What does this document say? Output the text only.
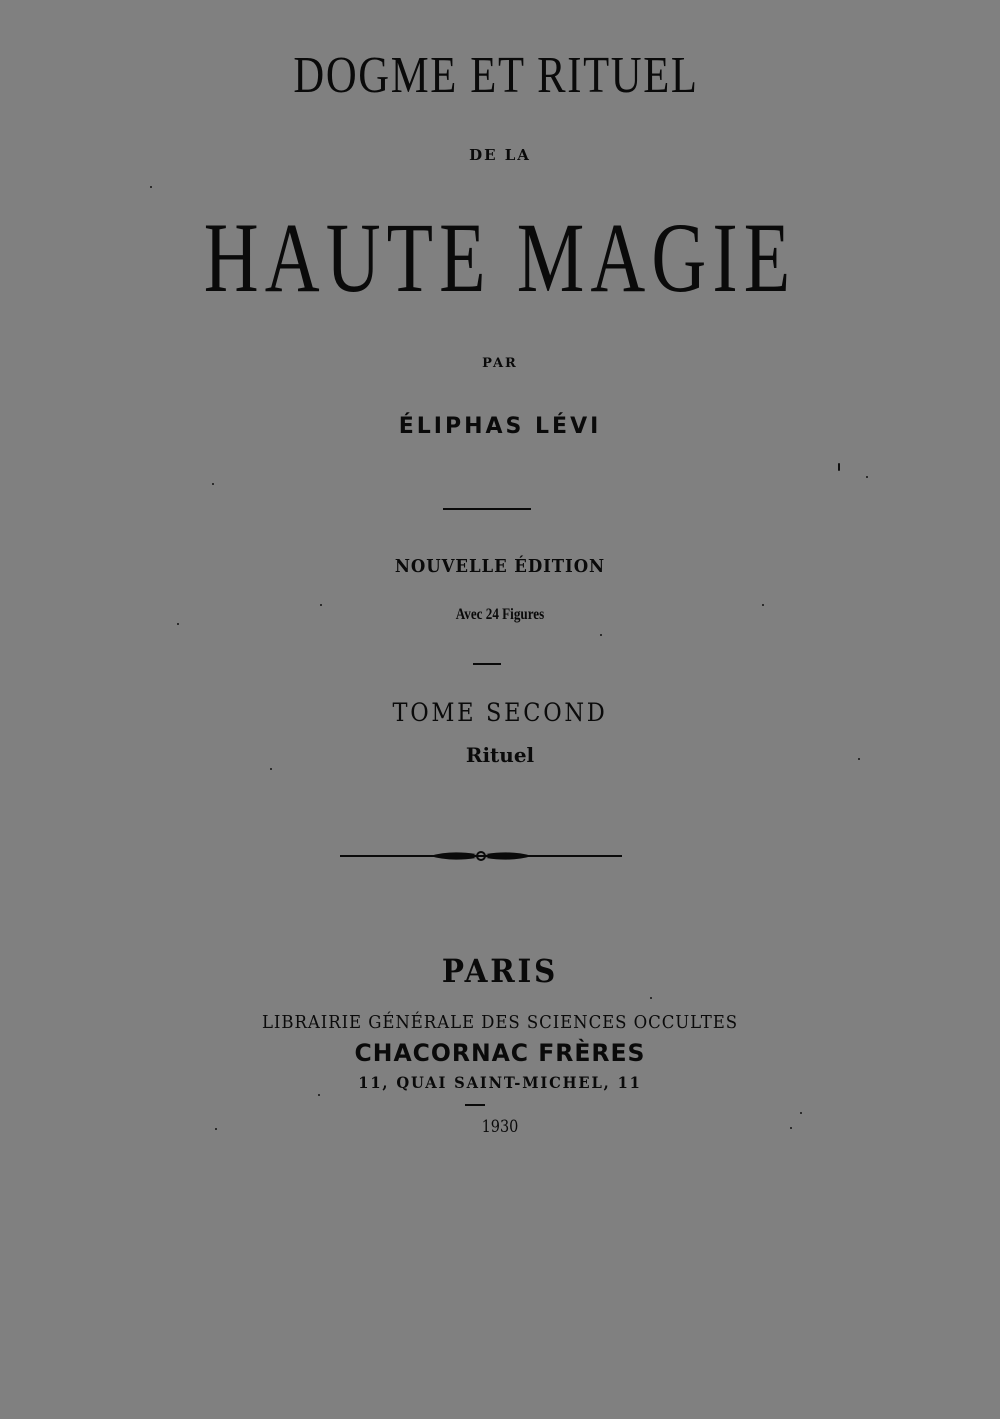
DOGME ET RITUEL
DE LA
HAUTE MAGIE
PAR
ÉLIPHAS LÉVI
NOUVELLE ÉDITION
Avec 24 Figures
TOME SECOND
Rituel
PARIS
LIBRAIRIE GÉNÉRALE DES SCIENCES OCCULTES
CHACORNAC FRÈRES
11, QUAI SAINT-MICHEL, 11
1930
